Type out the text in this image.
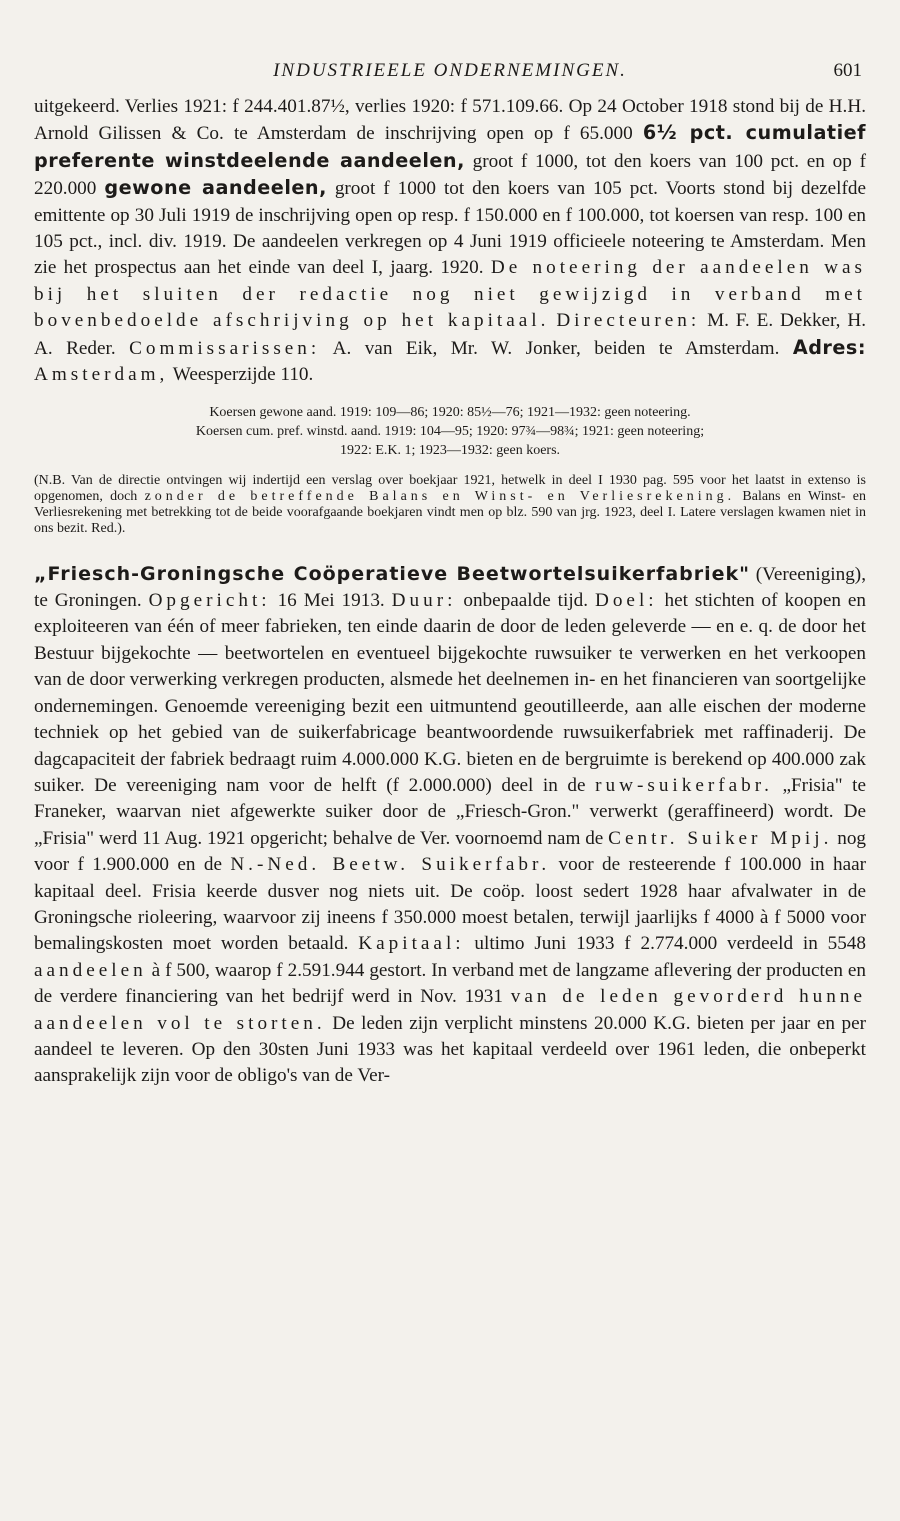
INDUSTRIEELE ONDERNEMINGEN.	601

uitgekeerd. Verlies 1921: f 244.401.87½, verlies 1920: f 571.109.66. Op 24 October 1918 stond bij de H.H. Arnold Gilissen & Co. te Amsterdam de inschrijving open op f 65.000 6½ pct. cumulatief preferente winstdeelende aandeelen, groot f 1000, tot den koers van 100 pct. en op f 220.000 gewone aandeelen, groot f 1000 tot den koers van 105 pct. Voorts stond bij dezelfde emittente op 30 Juli 1919 de inschrijving open op resp. f 150.000 en f 100.000, tot koersen van resp. 100 en 105 pct., incl. div. 1919. De aandeelen verkregen op 4 Juni 1919 officieele noteering te Amsterdam. Men zie het prospectus aan het einde van deel I, jaarg. 1920. De noteering der aandeelen was bij het sluiten der redactie nog niet gewijzigd in verband met bovenbedoelde afschrijving op het kapitaal. Directeuren: M. F. E. Dekker, H. A. Reder. Commissarissen: A. van Eik, Mr. W. Jonker, beiden te Amsterdam. Adres: Amsterdam, Weesperzijde 110.

Koersen gewone aand. 1919: 109—86; 1920: 85½—76; 1921—1932: geen noteering.

Koersen cum. pref. winstd. aand. 1919: 104—95; 1920: 97¾—98¾; 1921: geen noteering;

1922: E.K. 1; 1923—1932: geen koers.

(N.B. Van de directie ontvingen wij indertijd een verslag over boekjaar 1921, hetwelk in deel I 1930 pag. 595 voor het laatst in extenso is opgenomen, doch zonder de betreffende Balans en Winst- en Verliesrekening. Balans en Winst- en Verliesrekening met betrekking tot de beide voorafgaande boekjaren vindt men op blz. 590 van jrg. 1923, deel I. Latere verslagen kwamen niet in ons bezit. Red.).

„Friesch-Groningsche Coöperatieve Beetwortelsuikerfabriek" (Vereeniging), te Groningen. Opgericht: 16 Mei 1913. Duur: onbepaalde tijd. Doel: het stichten of koopen en exploiteeren van één of meer fabrieken, ten einde daarin de door de leden geleverde — en e. q. de door het Bestuur bijgekochte — beetwortelen en eventueel bijgekochte ruwsuiker te verwerken en het verkoopen van de door verwerking verkregen producten, alsmede het deelnemen in- en het financieren van soortgelijke ondernemingen. Genoemde vereeniging bezit een uitmuntend geoutilleerde, aan alle eischen der moderne techniek op het gebied van de suikerfabricage beantwoordende ruwsuikerfabriek met raffinaderij. De dagcapaciteit der fabriek bedraagt ruim 4.000.000 K.G. bieten en de bergruimte is berekend op 400.000 zak suiker. De vereeniging nam voor de helft (f 2.000.000) deel in de ruw-suikerfabr. „Frisia" te Franeker, waarvan niet afgewerkte suiker door de „Friesch-Gron." verwerkt (geraffineerd) wordt. De „Frisia" werd 11 Aug. 1921 opgericht; behalve de Ver. voornoemd nam de Centr. Suiker Mpij. nog voor f 1.900.000 en de N.-Ned. Beetw. Suikerfabr. voor de resteerende f 100.000 in haar kapitaal deel. Frisia keerde dusver nog niets uit. De coöp. loost sedert 1928 haar afvalwater in de Groningsche rioleering, waarvoor zij ineens f 350.000 moest betalen, terwijl jaarlijks f 4000 à f 5000 voor bemalingskosten moet worden betaald. Kapitaal: ultimo Juni 1933 f 2.774.000 verdeeld in 5548 aandeelen à f 500, waarop f 2.591.944 gestort. In verband met de langzame aflevering der producten en de verdere financiering van het bedrijf werd in Nov. 1931 van de leden gevorderd hunne aandeelen vol te storten. De leden zijn verplicht minstens 20.000 K.G. bieten per jaar en per aandeel te leveren. Op den 30sten Juni 1933 was het kapitaal verdeeld over 1961 leden, die onbeperkt aansprakelijk zijn voor de obligo's van de Ver-
